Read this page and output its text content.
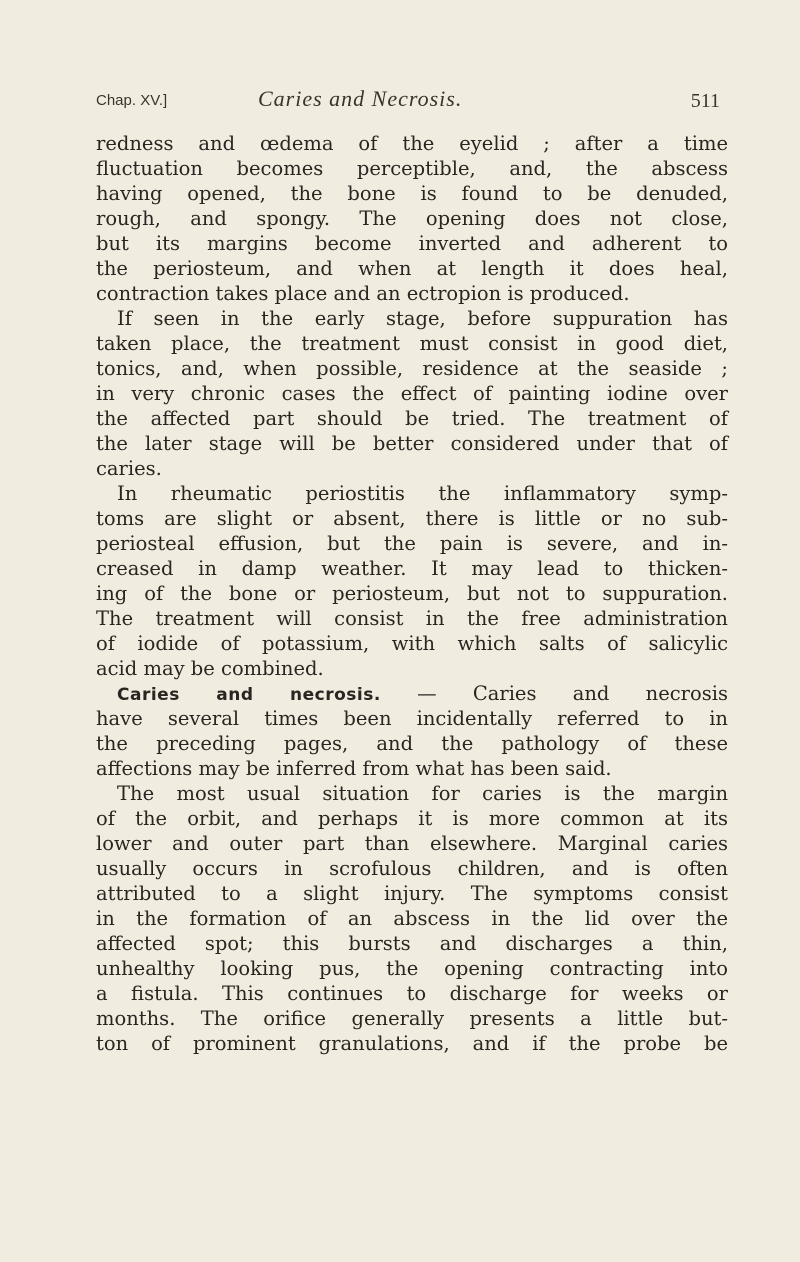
Chap. XV.]	Caries and Necrosis.	511
redness and œdema of the eyelid ; after a time
fluctuation becomes perceptible, and, the abscess
having opened, the bone is found to be denuded,
rough, and spongy. The opening does not close,
but its margins become inverted and adherent to
the periosteum, and when at length it does heal,
contraction takes place and an ectropion is produced.
If seen in the early stage, before suppuration has
taken place, the treatment must consist in good diet,
tonics, and, when possible, residence at the seaside ;
in very chronic cases the effect of painting iodine over
the affected part should be tried. The treatment of
the later stage will be better considered under that of
caries.
In rheumatic periostitis the inflammatory symp-
toms are slight or absent, there is little or no sub-
periosteal effusion, but the pain is severe, and in-
creased in damp weather. It may lead to thicken-
ing of the bone or periosteum, but not to suppuration.
The treatment will consist in the free administration
of iodide of potassium, with which salts of salicylic
acid may be combined.
Caries and necrosis. — Caries and necrosis
have several times been incidentally referred to in
the preceding pages, and the pathology of these
affections may be inferred from what has been said.
The most usual situation for caries is the margin
of the orbit, and perhaps it is more common at its
lower and outer part than elsewhere. Marginal caries
usually occurs in scrofulous children, and is often
attributed to a slight injury. The symptoms consist
in the formation of an abscess in the lid over the
affected spot; this bursts and discharges a thin,
unhealthy looking pus, the opening contracting into
a fistula. This continues to discharge for weeks or
months. The orifice generally presents a little but-
ton of prominent granulations, and if the probe be
